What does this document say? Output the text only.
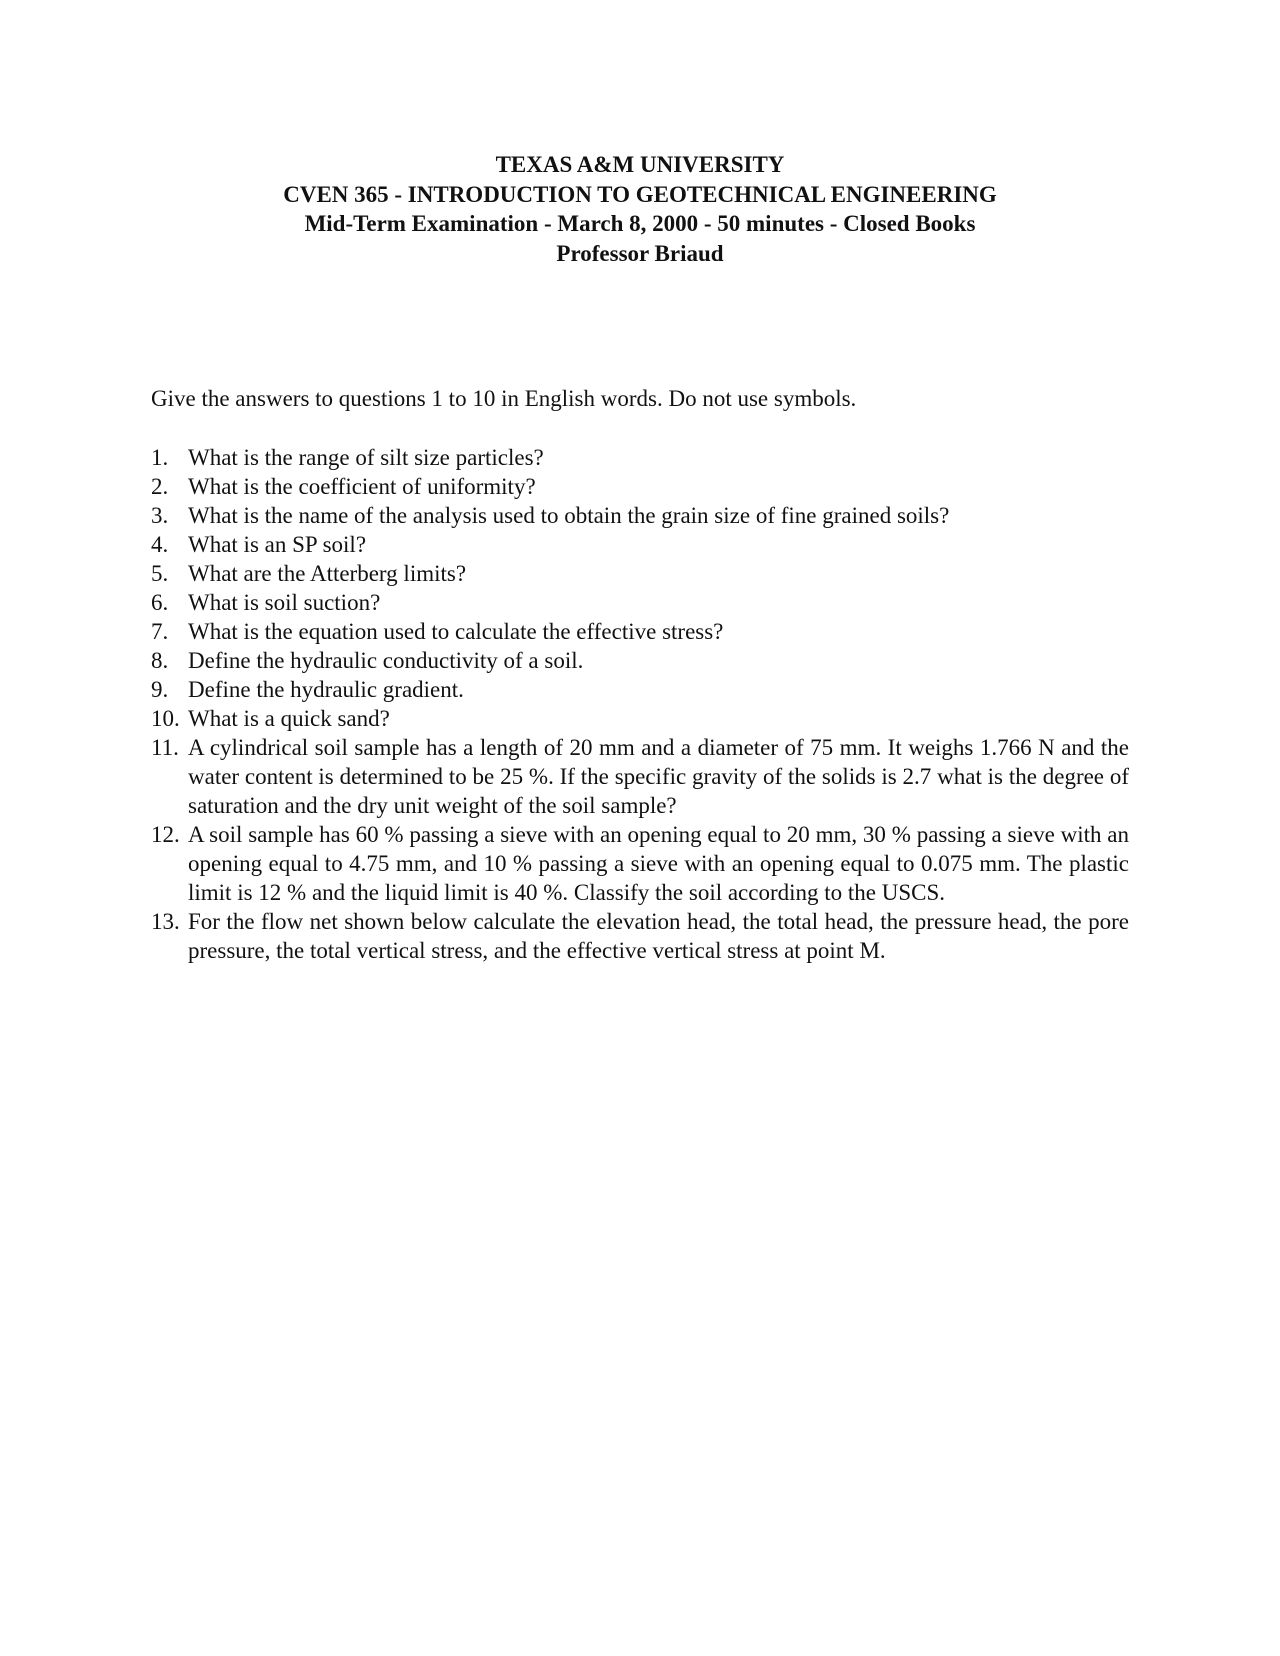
TEXAS A&M UNIVERSITY
CVEN 365 - INTRODUCTION TO GEOTECHNICAL ENGINEERING
Mid-Term Examination - March 8, 2000 - 50 minutes - Closed Books
Professor Briaud
Give the answers to questions 1 to 10 in English words. Do not use symbols.
1. What is the range of silt size particles?
2. What is the coefficient of uniformity?
3. What is the name of the analysis used to obtain the grain size of fine grained soils?
4. What is an SP soil?
5. What are the Atterberg limits?
6. What is soil suction?
7. What is the equation used to calculate the effective stress?
8. Define the hydraulic conductivity of a soil.
9. Define the hydraulic gradient.
10. What is a quick sand?
11. A cylindrical soil sample has a length of 20 mm and a diameter of 75 mm. It weighs 1.766 N and the water content is determined to be 25 %. If the specific gravity of the solids is 2.7 what is the degree of saturation and the dry unit weight of the soil sample?
12. A soil sample has 60 % passing a sieve with an opening equal to 20 mm, 30 % passing a sieve with an opening equal to 4.75 mm, and 10 % passing a sieve with an opening equal to 0.075 mm. The plastic limit is 12 % and the liquid limit is 40 %. Classify the soil according to the USCS.
13. For the flow net shown below calculate the elevation head, the total head, the pressure head, the pore pressure, the total vertical stress, and the effective vertical stress at point M.
